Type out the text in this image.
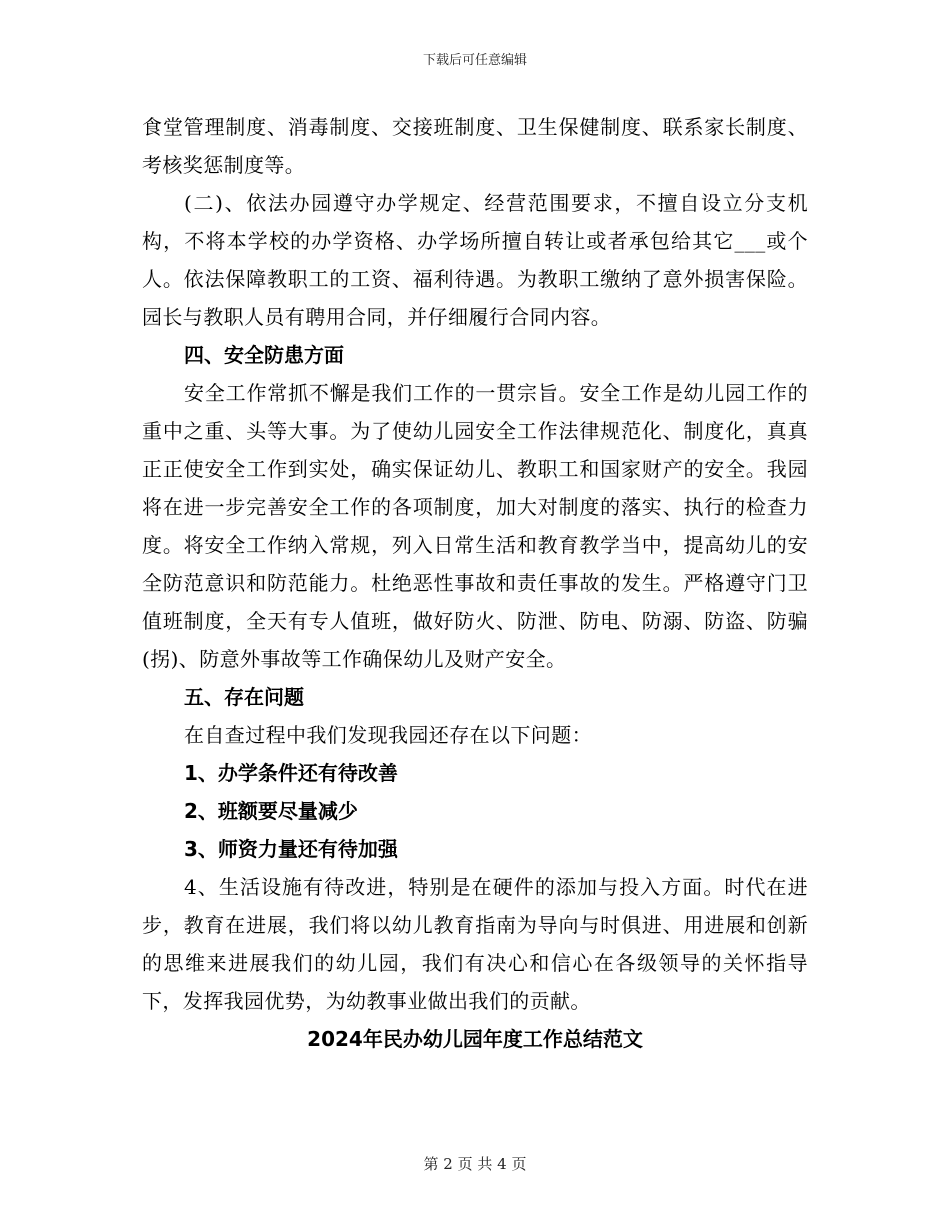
下载后可任意编辑

食堂管理制度、消毒制度、交接班制度、卫生保健制度、联系家长制度、考核奖惩制度等。

(二)、依法办园遵守办学规定、经营范围要求，不擅自设立分支机构，不将本学校的办学资格、办学场所擅自转让或者承包给其它___或个人。依法保障教职工的工资、福利待遇。为教职工缴纳了意外损害保险。园长与教职人员有聘用合同，并仔细履行合同内容。

四、安全防患方面

安全工作常抓不懈是我们工作的一贯宗旨。安全工作是幼儿园工作的重中之重、头等大事。为了使幼儿园安全工作法律规范化、制度化，真真正正使安全工作到实处，确实保证幼儿、教职工和国家财产的安全。我园将在进一步完善安全工作的各项制度，加大对制度的落实、执行的检查力度。将安全工作纳入常规，列入日常生活和教育教学当中，提高幼儿的安全防范意识和防范能力。杜绝恶性事故和责任事故的发生。严格遵守门卫值班制度，全天有专人值班，做好防火、防泄、防电、防溺、防盗、防骗(拐)、防意外事故等工作确保幼儿及财产安全。

五、存在问题

在自查过程中我们发现我园还存在以下问题：

1、办学条件还有待改善

2、班额要尽量减少

3、师资力量还有待加强

4、生活设施有待改进，特别是在硬件的添加与投入方面。时代在进步，教育在进展，我们将以幼儿教育指南为导向与时俱进、用进展和创新的思维来进展我们的幼儿园，我们有决心和信心在各级领导的关怀指导下，发挥我园优势，为幼教事业做出我们的贡献。

2024年民办幼儿园年度工作总结范文

第 2 页 共 4 页
